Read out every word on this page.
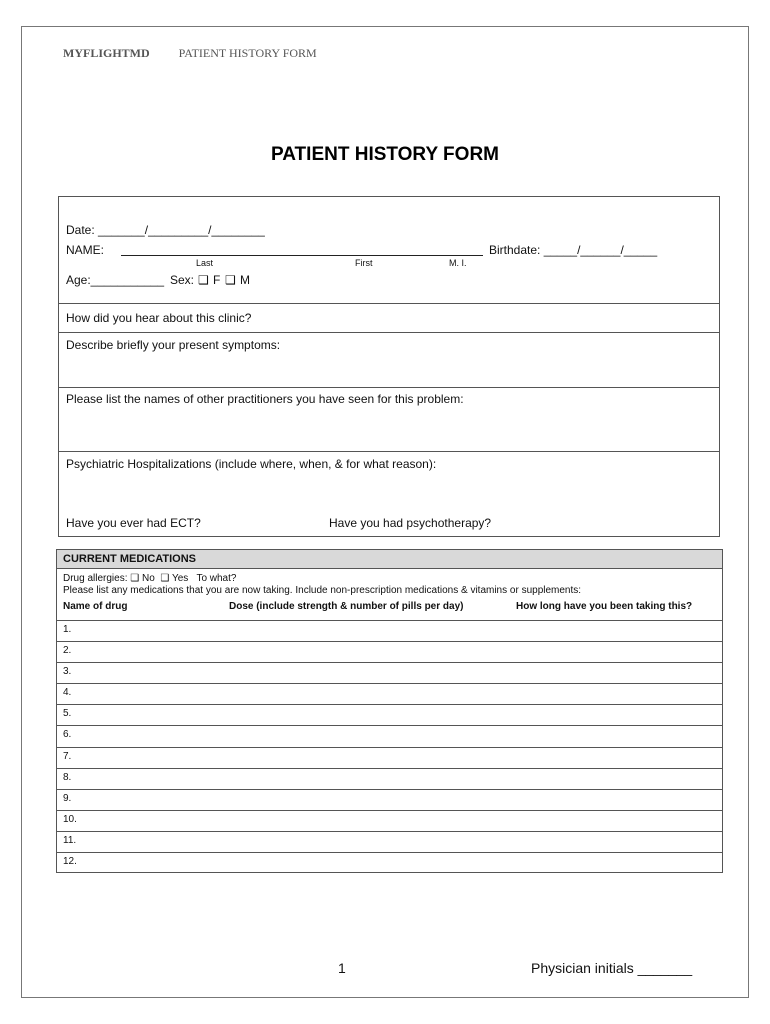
MYFLIGHTMD PATIENT HISTORY FORM
PATIENT HISTORY FORM
Date: _______/_________/________
NAME:	Birthdate: _____/______/_____
Last	First	M. I.
Age:___________ Sex: ❑ F ❑ M
How did you hear about this clinic?
Describe briefly your present symptoms:
Please list the names of other practitioners you have seen for this problem:
Psychiatric Hospitalizations (include where, when, & for what reason):
Have you ever had ECT?	Have you had psychotherapy?
CURRENT MEDICATIONS
Drug allergies: ❑ No ❑ Yes To what?
Please list any medications that you are now taking. Include non-prescription medications & vitamins or supplements:
Name of drug	Dose (include strength & number of pills per day)	How long have you been taking this?
1.
2.
3.
4.
5.
6.
7.
8.
9.
10.
11.
12.
1	Physician initials _______
